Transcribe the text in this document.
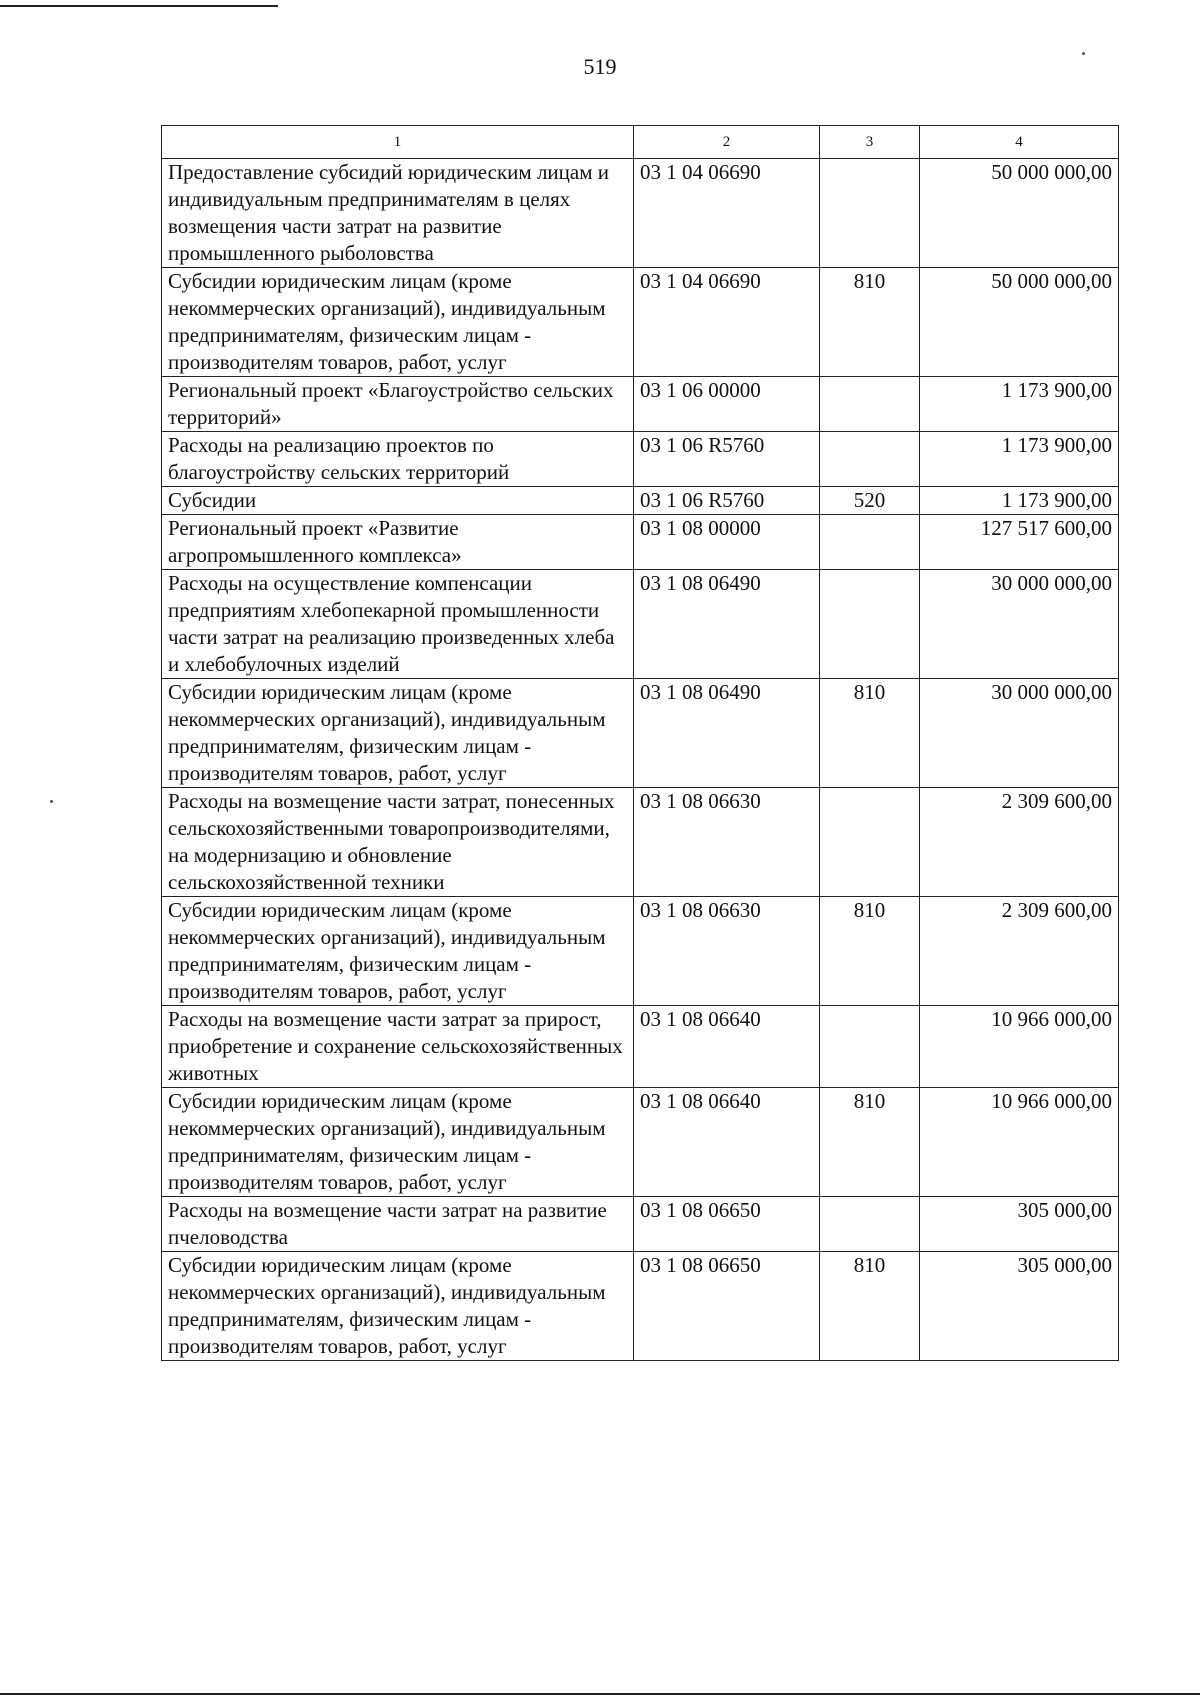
519
1	2	3	4
Предоставление субсидий юридическим лицам и индивидуальным предпринимателям в целях возмещения части затрат на развитие промышленного рыболовства	03 1 04 06690		50 000 000,00
Субсидии юридическим лицам (кроме некоммерческих организаций), индивидуальным предпринимателям, физическим лицам - производителям товаров, работ, услуг	03 1 04 06690	810	50 000 000,00
Региональный проект «Благоустройство сельских территорий»	03 1 06 00000		1 173 900,00
Расходы на реализацию проектов по благоустройству сельских территорий	03 1 06 R5760		1 173 900,00
Субсидии	03 1 06 R5760	520	1 173 900,00
Региональный проект «Развитие агропромышленного комплекса»	03 1 08 00000		127 517 600,00
Расходы на осуществление компенсации предприятиям хлебопекарной промышленности части затрат на реализацию произведенных хлеба и хлебобулочных изделий	03 1 08 06490		30 000 000,00
Субсидии юридическим лицам (кроме некоммерческих организаций), индивидуальным предпринимателям, физическим лицам - производителям товаров, работ, услуг	03 1 08 06490	810	30 000 000,00
Расходы на возмещение части затрат, понесенных сельскохозяйственными товаропроизводителями, на модернизацию и обновление сельскохозяйственной техники	03 1 08 06630		2 309 600,00
Субсидии юридическим лицам (кроме некоммерческих организаций), индивидуальным предпринимателям, физическим лицам - производителям товаров, работ, услуг	03 1 08 06630	810	2 309 600,00
Расходы на возмещение части затрат за прирост, приобретение и сохранение сельскохозяйственных животных	03 1 08 06640		10 966 000,00
Субсидии юридическим лицам (кроме некоммерческих организаций), индивидуальным предпринимателям, физическим лицам - производителям товаров, работ, услуг	03 1 08 06640	810	10 966 000,00
Расходы на возмещение части затрат на развитие пчеловодства	03 1 08 06650		305 000,00
Субсидии юридическим лицам (кроме некоммерческих организаций), индивидуальным предпринимателям, физическим лицам - производителям товаров, работ, услуг	03 1 08 06650	810	305 000,00
